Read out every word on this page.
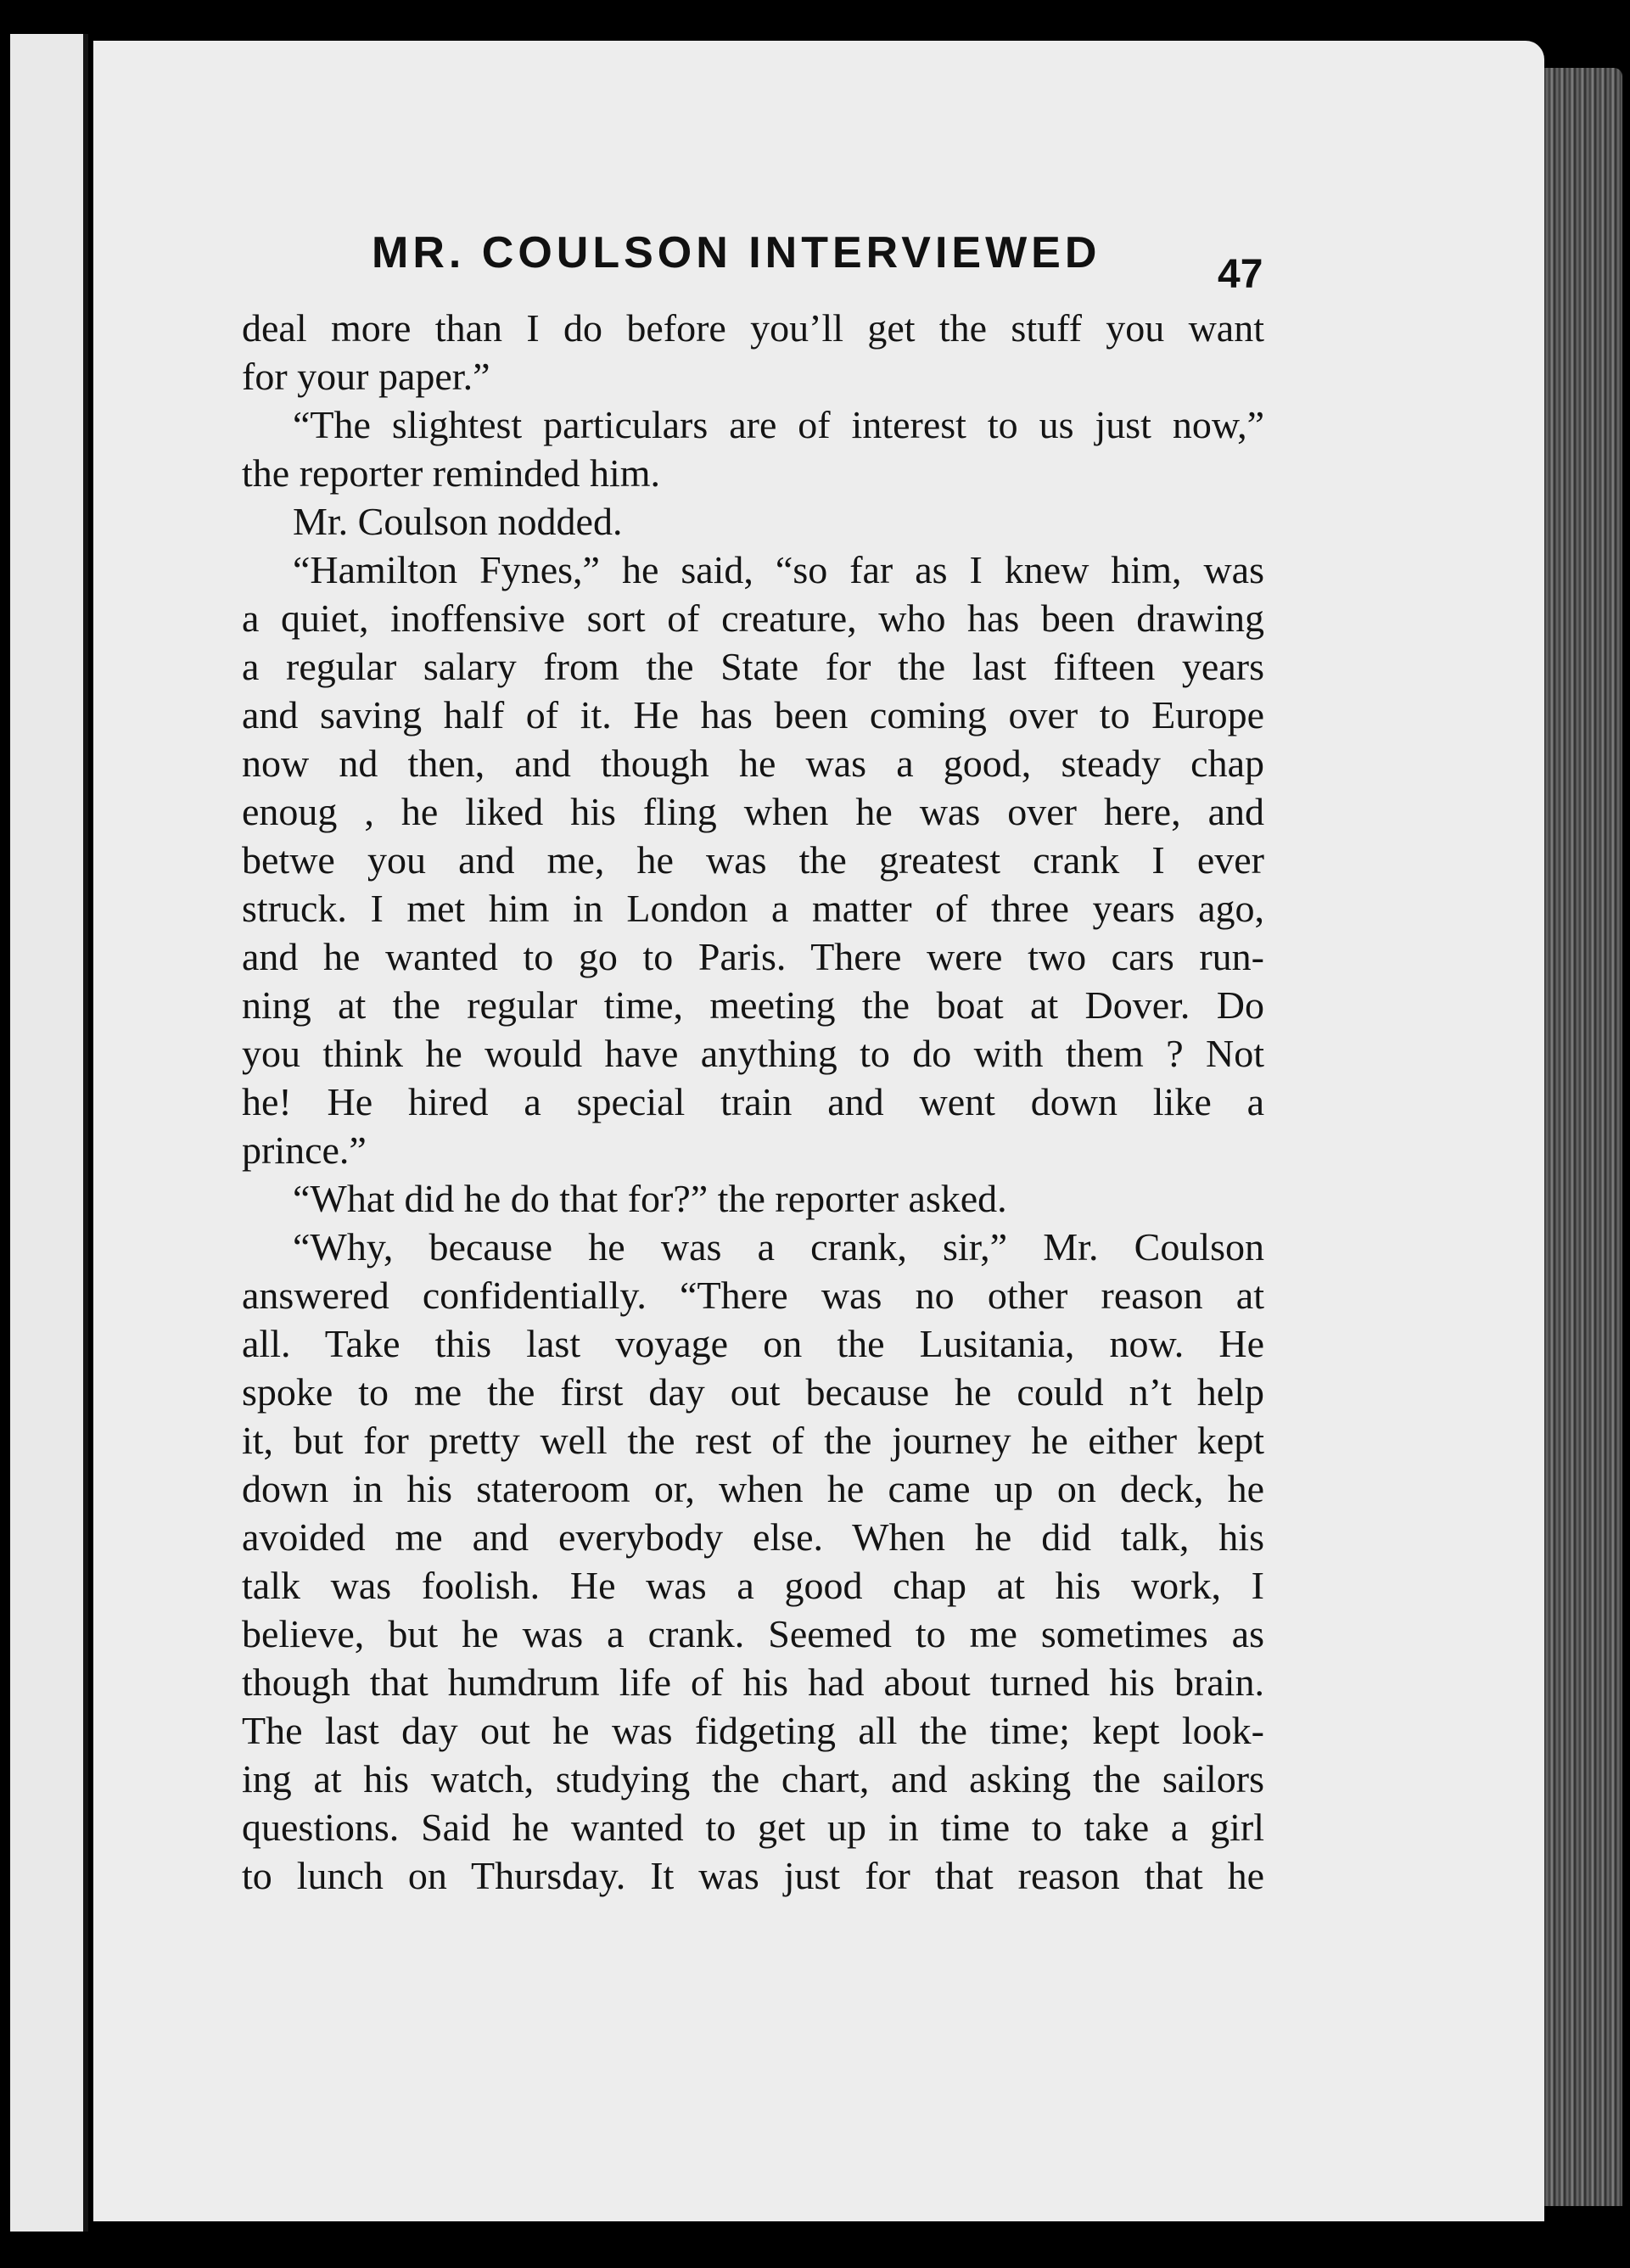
MR. COULSON INTERVIEWED	47
deal more than I do before you’ll get the stuff you want
for your paper.”
“The slightest particulars are of interest to us just now,”
the reporter reminded him.
Mr. Coulson nodded.
“Hamilton Fynes,” he said, “so far as I knew him, was
a quiet, inoffensive sort of creature, who has been drawing
a regular salary from the State for the last fifteen years
and saving half of it. He has been coming over to Europe
now nd then, and though he was a good, steady chap
enoug , he liked his fling when he was over here, and
betwe you and me, he was the greatest crank I ever
struck. I met him in London a matter of three years ago,
and he wanted to go to Paris. There were two cars run-
ning at the regular time, meeting the boat at Dover. Do
you think he would have anything to do with them ? Not
he! He hired a special train and went down like a
prince.”
“What did he do that for?” the reporter asked.
“Why, because he was a crank, sir,” Mr. Coulson
answered confidentially. “There was no other reason at
all. Take this last voyage on the Lusitania, now. He
spoke to me the first day out because he could n’t help
it, but for pretty well the rest of the journey he either kept
down in his stateroom or, when he came up on deck, he
avoided me and everybody else. When he did talk, his
talk was foolish. He was a good chap at his work, I
believe, but he was a crank. Seemed to me sometimes as
though that humdrum life of his had about turned his brain.
The last day out he was fidgeting all the time; kept look-
ing at his watch, studying the chart, and asking the sailors
questions. Said he wanted to get up in time to take a girl
to lunch on Thursday. It was just for that reason that he
